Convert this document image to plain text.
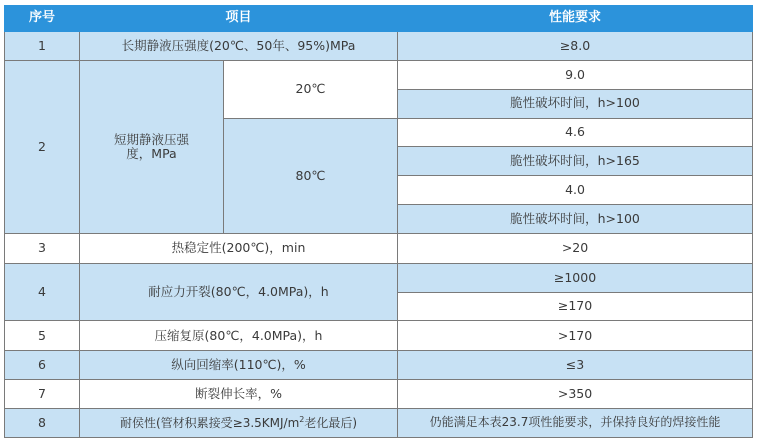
序号	项目		性能要求
1	长期静液压强度(20℃、50年、95%)MPa		≥8.0
2	短期静液压强度，MPa	20℃	9.0
			脆性破坏时间，h>100
		80℃	4.6
			脆性破坏时间，h>165
			4.0
			脆性破坏时间，h>100
3	热稳定性(200℃)，min		>20
4	耐应力开裂(80℃，4.0MPa)，h		≥1000
			≥170
5	压缩复原(80℃，4.0MPa)，h		>170
6	纵向回缩率(110℃)，%		≤3
7	断裂伸长率，%		>350
8	耐侯性(管材积累接受$\ge 3.5KMJ/m^2$老化最后)		仍能满足本表23.7项性能要求，并保持良好的焊接性能
